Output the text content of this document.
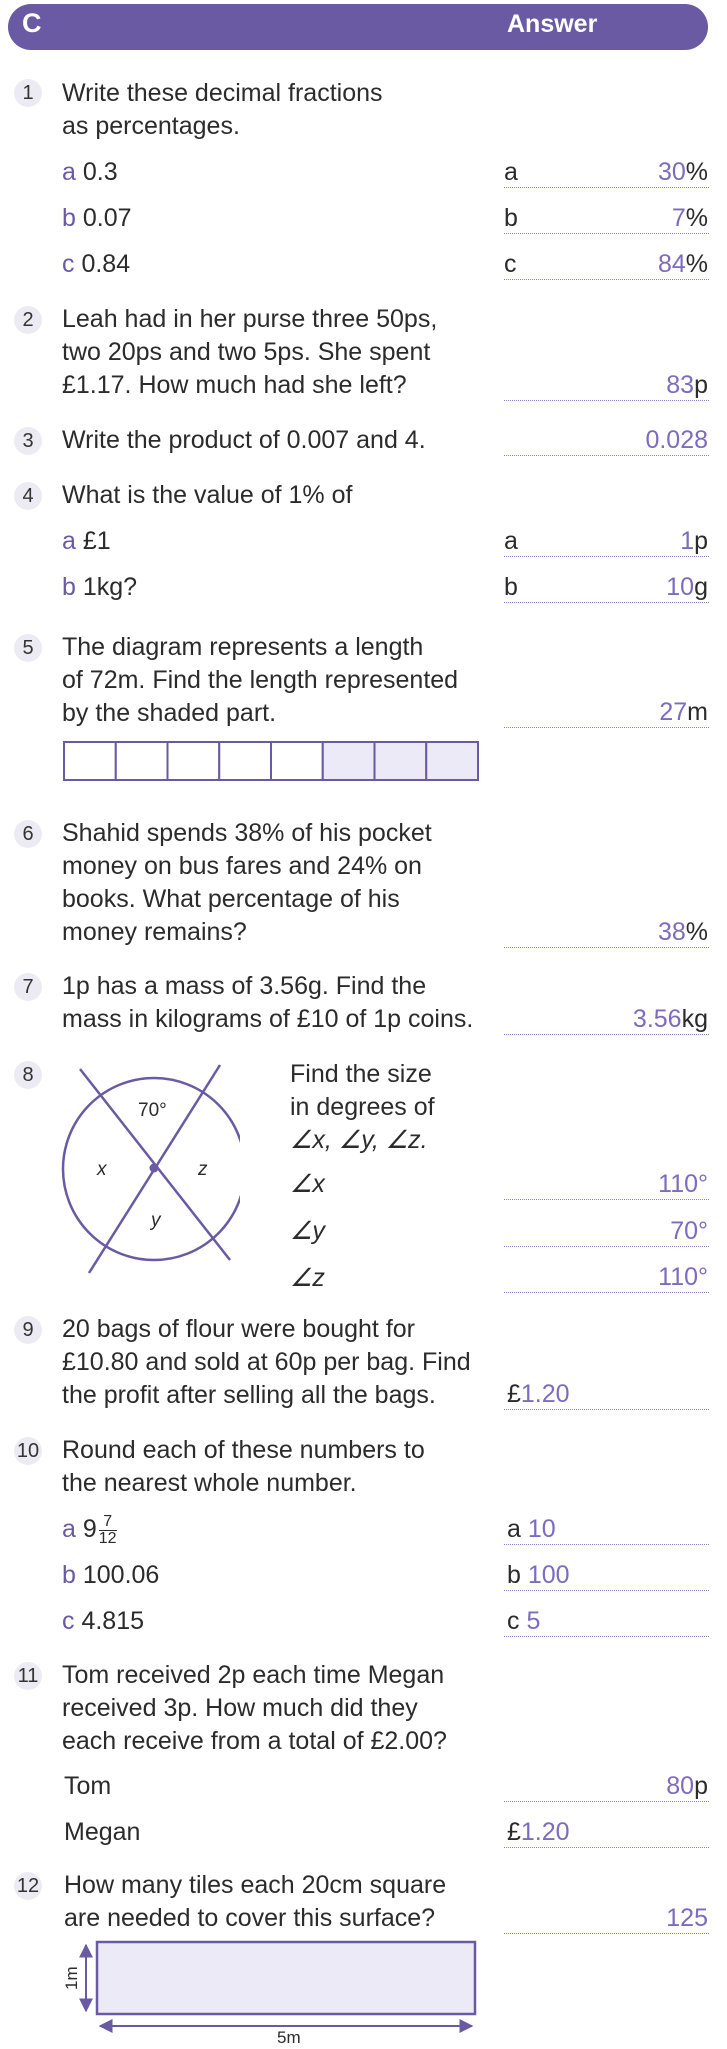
C	Answer
1	Write these decimal fractions
as percentages.
a 0.3	a	30%
b 0.07	b	7%
c 0.84	c	84%
2	Leah had in her purse three 50ps,
two 20ps and two 5ps. She spent
£1.17. How much had she left?	83p
3	Write the product of 0.007 and 4.	0.028
4	What is the value of 1% of
a £1	a	1p
b 1kg?	b	10g
5	The diagram represents a length
of 72m. Find the length represented
by the shaded part.	27m
6	Shahid spends 38% of his pocket
money on bus fares and 24% on
books. What percentage of his
money remains?	38%
7	1p has a mass of 3.56g. Find the
mass in kilograms of £10 of 1p coins.	3.56kg
8
70°
x	z
y
Find the size
in degrees of
∠x, ∠y, ∠z.
∠x	110°
∠y	70°
∠z	110°
9	20 bags of flour were bought for
£10.80 and sold at 60p per bag. Find
the profit after selling all the bags.	£1.20
10 Round each of these numbers to
the nearest whole number.
a $9 \frac{7}{12}$	a 10
b 100.06	b 100
c 4.815	c 5
11 Tom received 2p each time Megan
received 3p. How much did they
each receive from a total of £2.00?
Tom	80p
Megan	£1.20
12 How many tiles each 20cm square
are needed to cover this surface?	125
1m
5m
